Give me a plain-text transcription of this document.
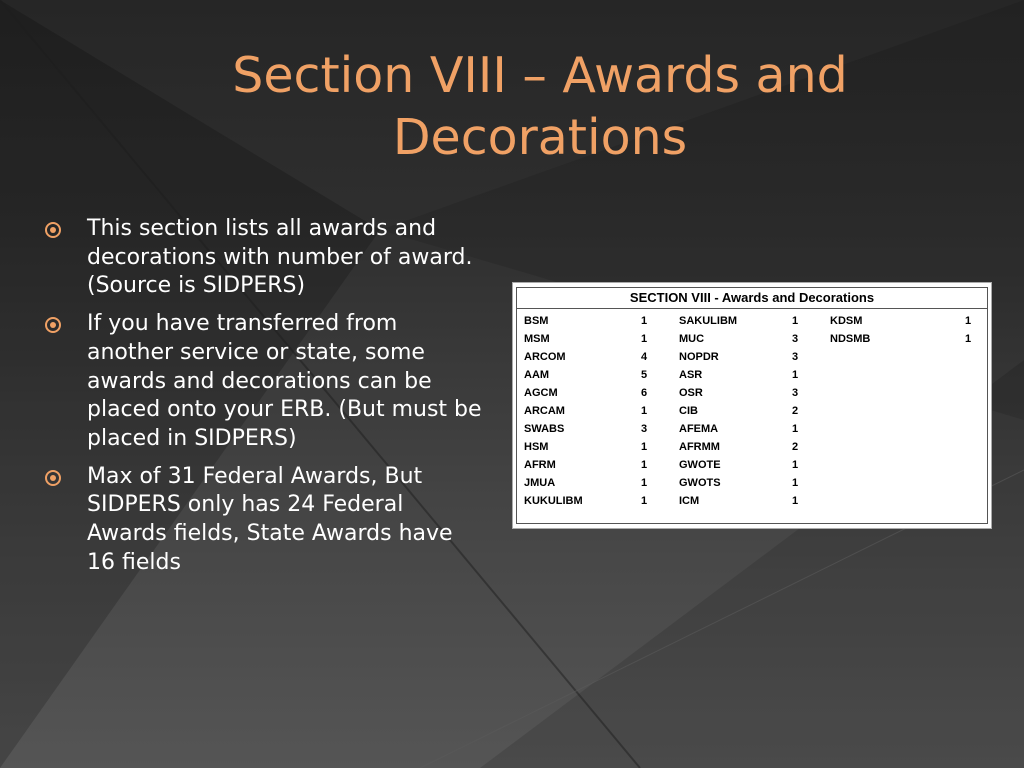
Section VIII – Awards and Decorations
This section lists all awards and decorations with number of award. (Source is SIDPERS)
If you have transferred from another service or state, some awards and decorations can be placed onto your ERB. (But must be placed in SIDPERS)
Max of 31 Federal Awards, But SIDPERS only has 24 Federal Awards fields, State Awards have 16 fields
SECTION VIII - Awards and Decorations
BSM	1	SAKULIBM	1	KDSM	1
MSM	1	MUC	3	NDSMB	1
ARCOM	4	NOPDR	3
AAM	5	ASR	1
AGCM	6	OSR	3
ARCAM	1	CIB	2
SWABS	3	AFEMA	1
HSM	1	AFRMM	2
AFRM	1	GWOTE	1
JMUA	1	GWOTS	1
KUKULIBM	1	ICM	1
